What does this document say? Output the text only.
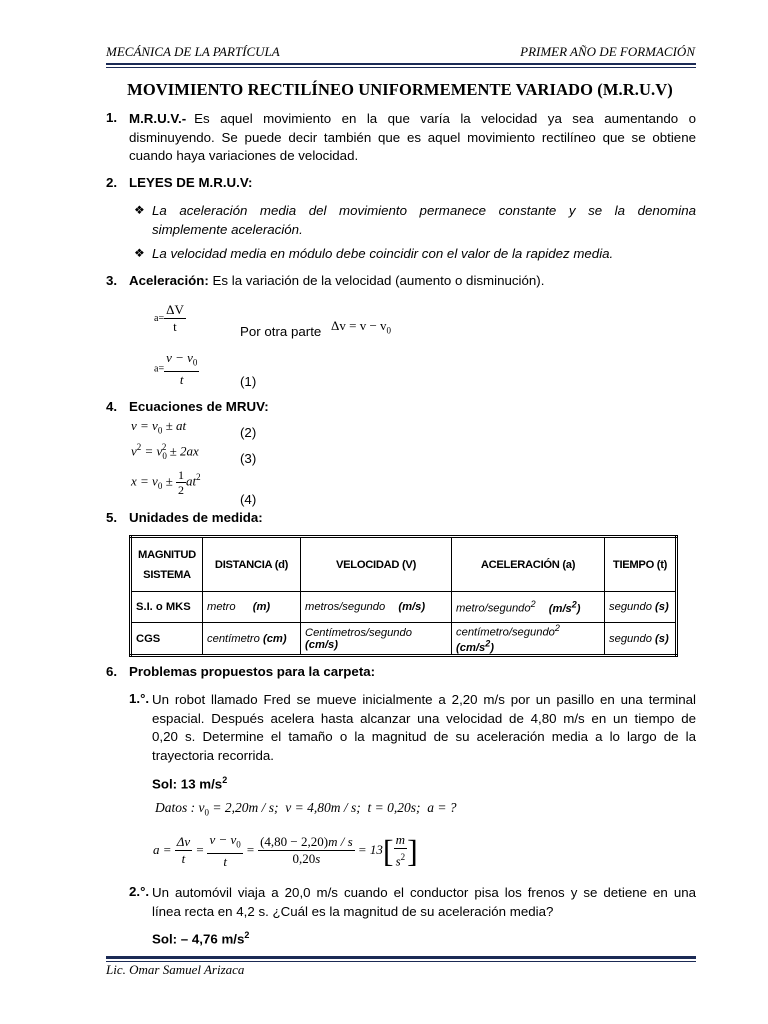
MECÁNICA DE LA PARTÍCULA	PRIMER AÑO DE FORMACIÓN
MOVIMIENTO RECTILÍNEO UNIFORMEMENTE VARIADO (M.R.U.V)
1. M.R.U.V.- Es aquel movimiento en la que varía la velocidad ya sea aumentando o
disminuyendo. Se puede decir también que es aquel movimiento rectilíneo que se obtiene
cuando haya variaciones de velocidad.
2. LEYES DE M.R.U.V:
❖ La aceleración media del movimiento permanece constante y se la denomina
simplemente aceleración.
❖ La velocidad media en módulo debe coincidir con el valor de la rapidez media.
3. Aceleración: Es la variación de la velocidad (aumento o disminución).
$a= \frac{\Delta V}{t}$	Por otra parte $\Delta v = v - v_0$
$a= \frac{v - v_0}{t}$	(1)
4. Ecuaciones de MRUV:
$v = v_0$ ± at	(2)
$v^2 = v_0^2 \pm 2ax$
(3)
$x = v_0 \pm \frac{1}{2} at^2$
(4)
5. Unidades de medida:
MAGNITUD SISTEMA	DISTANCIA (d)	VELOCIDAD (V)	ACELERACIÓN (a)	TIEMPO (t)
S.I. o MKS	metro (m)	metros/segundo (m/s)	metro/segundo$^2$ $(m/s^2)$	segundo (s)
CGS	centímetro (cm)	Centímetros/segundo (cm/s)	centímetro/segundo$^2$ $(cm/s^2)$	segundo (s)
6. Problemas propuestos para la carpeta:
1.°. Un robot llamado Fred se mueve inicialmente a 2,20 m/s por un pasillo en una terminal
espacial. Después acelera hasta alcanzar una velocidad de 4,80 m/s en un tiempo de
0,20 s. Determine el tamaño o la magnitud de su aceleración media a lo largo de la
trayectoria recorrida.
Sol: 13 $m/s^2$
Datos : $v_0 = 2,20m / s$;  v = 4,80m / s;  t = 0,20s;  a = ?
$a = \frac{\Delta v}{t} = \frac{v - v_0}{t} = \frac{(4,80 - 2,20)m / s}{0,20s} = 13[ \frac{m}{s^2}$ ]
2.°. Un automóvil viaja a 20,0 m/s cuando el conductor pisa los frenos y se detiene en una
línea recta en 4,2 s. ¿Cuál es la magnitud de su aceleración media?
Sol: – 4,76 $m/s^2$
Lic. Omar Samuel Arizaca
